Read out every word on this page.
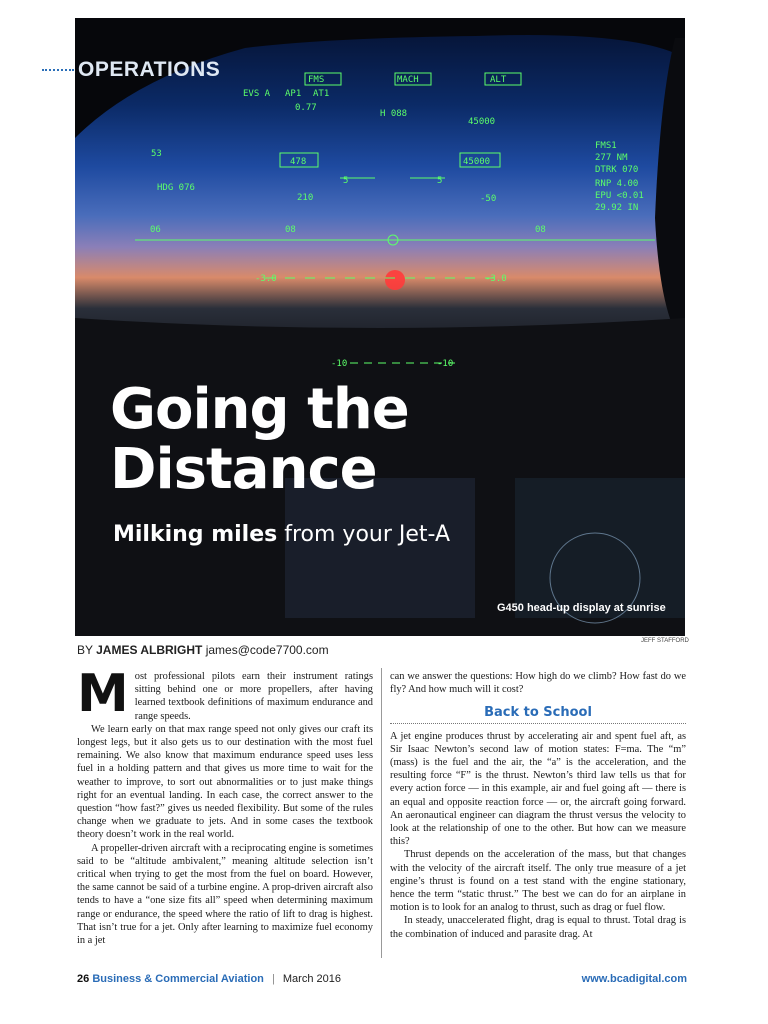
FMS	MACH	ALT
EVS A AP1 AT1
0.77
H 088
45000
478	45000
53
HDG 076
FMS1
277 NM
DTRK 070
RNP 4.00
EPU <0.01
29.92 IN
5	5
210	-50
06	08	08
-3.0	-3.0
-10	-10
OPERATIONS
Going the
Distance
Milking miles from your Jet-A
G450 head-up display at sunrise
JEFF STAFFORD
BY JAMES ALBRIGHT james@code7700.com

Most professional pilots earn their instrument ratings sitting behind one or more propellers, after having learned textbook definitions of maximum endurance and range speeds.

We learn early on that max range speed not only gives our craft its longest legs, but it also gets us to our destination with the most fuel remaining. We also know that maximum endurance speed uses less fuel in a holding pattern and that gives us more time to wait for the weather to improve, to sort out abnormalities or to just make things right for an eventual landing. In each case, the correct answer to the question “how fast?” gives us needed flexibility. But some of the rules change when we graduate to jets. And in some cases the textbook theory doesn’t work in the real world.

A propeller-driven aircraft with a reciprocating engine is sometimes said to be “altitude ambivalent,” meaning altitude selection isn’t critical when trying to get the most from the fuel on board. However, the same cannot be said of a turbine engine. A prop-driven aircraft also tends to have a “one size fits all” speed when determining maximum range or endurance, the speed where the ratio of lift to drag is highest. That isn’t true for a jet. Only after learning to maximize fuel economy in a jet

can we answer the questions: How high do we climb? How fast do we fly? And how much will it cost?

Back to School

A jet engine produces thrust by accelerating air and spent fuel aft, as Sir Isaac Newton’s second law of motion states: F=ma. The “m” (mass) is the fuel and the air, the “a” is the acceleration, and the resulting force “F” is the thrust. Newton’s third law tells us that for every action force — in this example, air and fuel going aft — there is an equal and opposite reaction force — or, the aircraft going forward. An aeronautical engineer can diagram the thrust versus the velocity to look at the relationship of one to the other. But how can we measure this?

Thrust depends on the acceleration of the mass, but that changes with the velocity of the aircraft itself. The only true measure of a jet engine’s thrust is found on a test stand with the engine stationary, hence the term “static thrust.” The best we can do for an airplane in motion is to look for an analog to thrust, such as drag or fuel flow.

In steady, unaccelerated flight, drag is equal to thrust. Total drag is the combination of induced and parasite drag. At

26 Business & Commercial Aviation | March 2016	www.bcadigital.com
